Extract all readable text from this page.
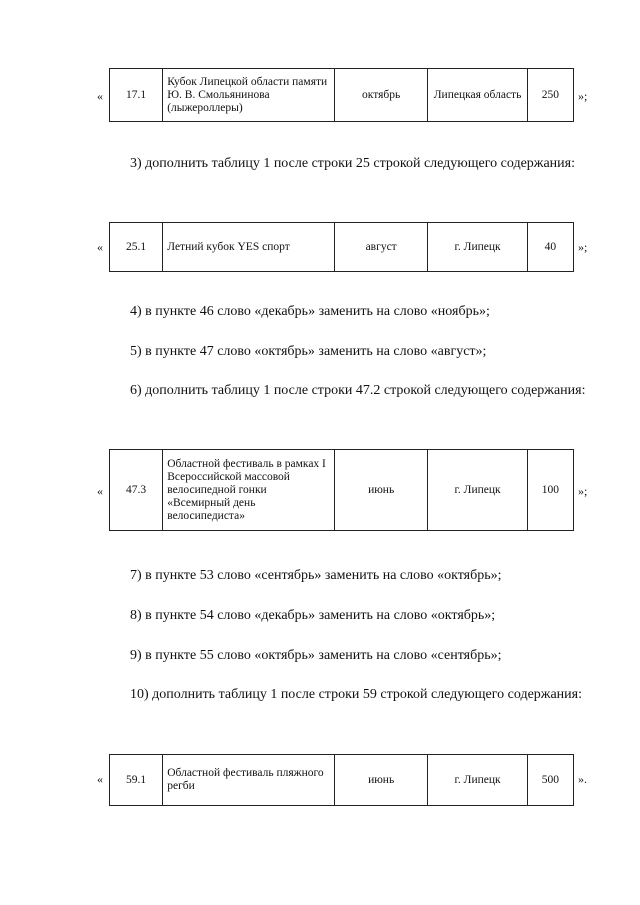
« 17.1	Кубок Липецкой области памяти Ю. В. Смольянинова (лыжероллеры)	октябрь	Липецкая область	250 »;

3) дополнить таблицу 1 после строки 25 строкой следующего содержания:

« 25.1	Летний кубок YES спорт	август	г. Липецк	40 »;

4) в пункте 46 слово «декабрь» заменить на слово «ноябрь»;

5) в пункте 47 слово «октябрь» заменить на слово «август»;

6) дополнить таблицу 1 после строки 47.2 строкой следующего содержания:

« 47.3	Областной фестиваль в рамках I Всероссийской массовой велосипедной гонки «Всемирный день велосипедиста»	июнь	г. Липецк	100 »;

7) в пункте 53 слово «сентябрь» заменить на слово «октябрь»;

8) в пункте 54 слово «декабрь» заменить на слово «октябрь»;

9) в пункте 55 слово «октябрь» заменить на слово «сентябрь»;

10) дополнить таблицу 1 после строки 59 строкой следующего содержания:

« 59.1	Областной фестиваль пляжного регби	июнь	г. Липецк	500 ».
